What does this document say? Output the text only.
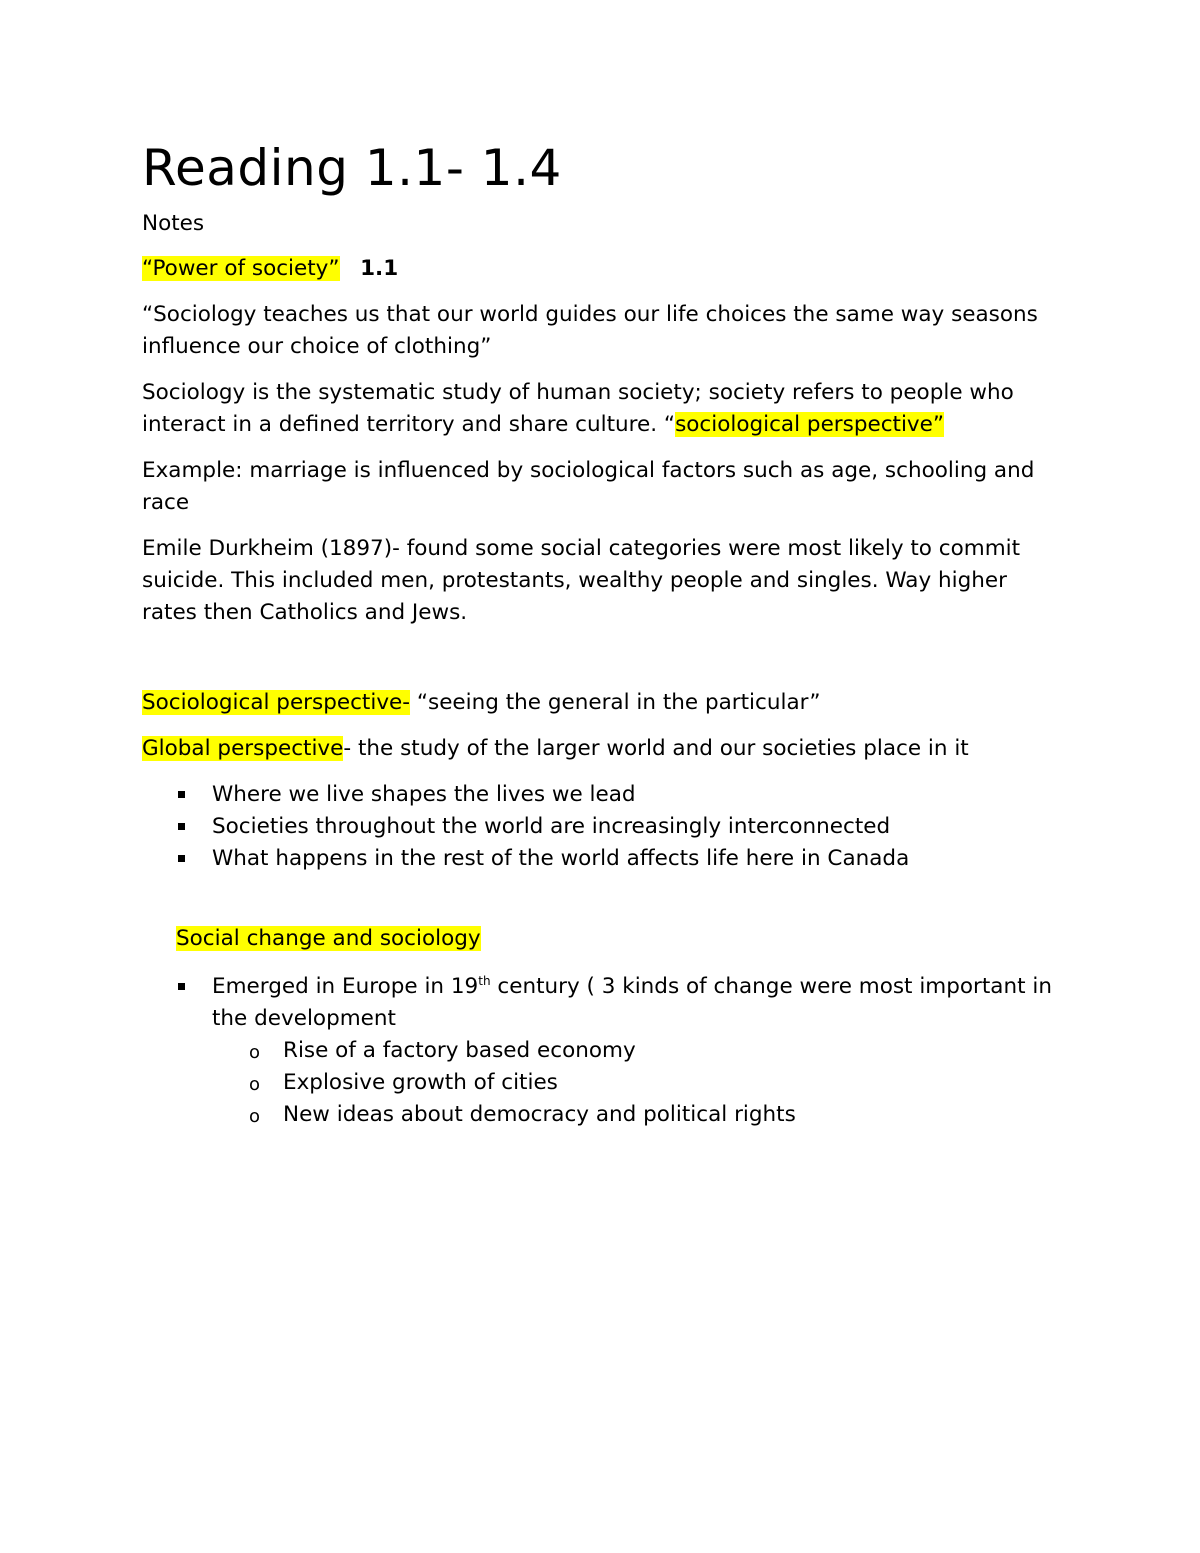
Reading 1.1- 1.4

Notes

“Power of society” 1.1

“Sociology teaches us that our world guides our life choices the same way seasons influence our choice of clothing”

Sociology is the systematic study of human society; society refers to people who interact in a defined territory and share culture. “sociological perspective”

Example: marriage is influenced by sociological factors such as age, schooling and race

Emile Durkheim (1897)- found some social categories were most likely to commit suicide. This included men, protestants, wealthy people and singles. Way higher rates then Catholics and Jews.

Sociological perspective- “seeing the general in the particular”

Global perspective- the study of the larger world and our societies place in it

Where we live shapes the lives we lead
Societies throughout the world are increasingly interconnected
What happens in the rest of the world affects life here in Canada

Social change and sociology

Emerged in Europe in 19th century ( 3 kinds of change were most important in the development
o Rise of a factory based economy
o Explosive growth of cities
o New ideas about democracy and political rights
